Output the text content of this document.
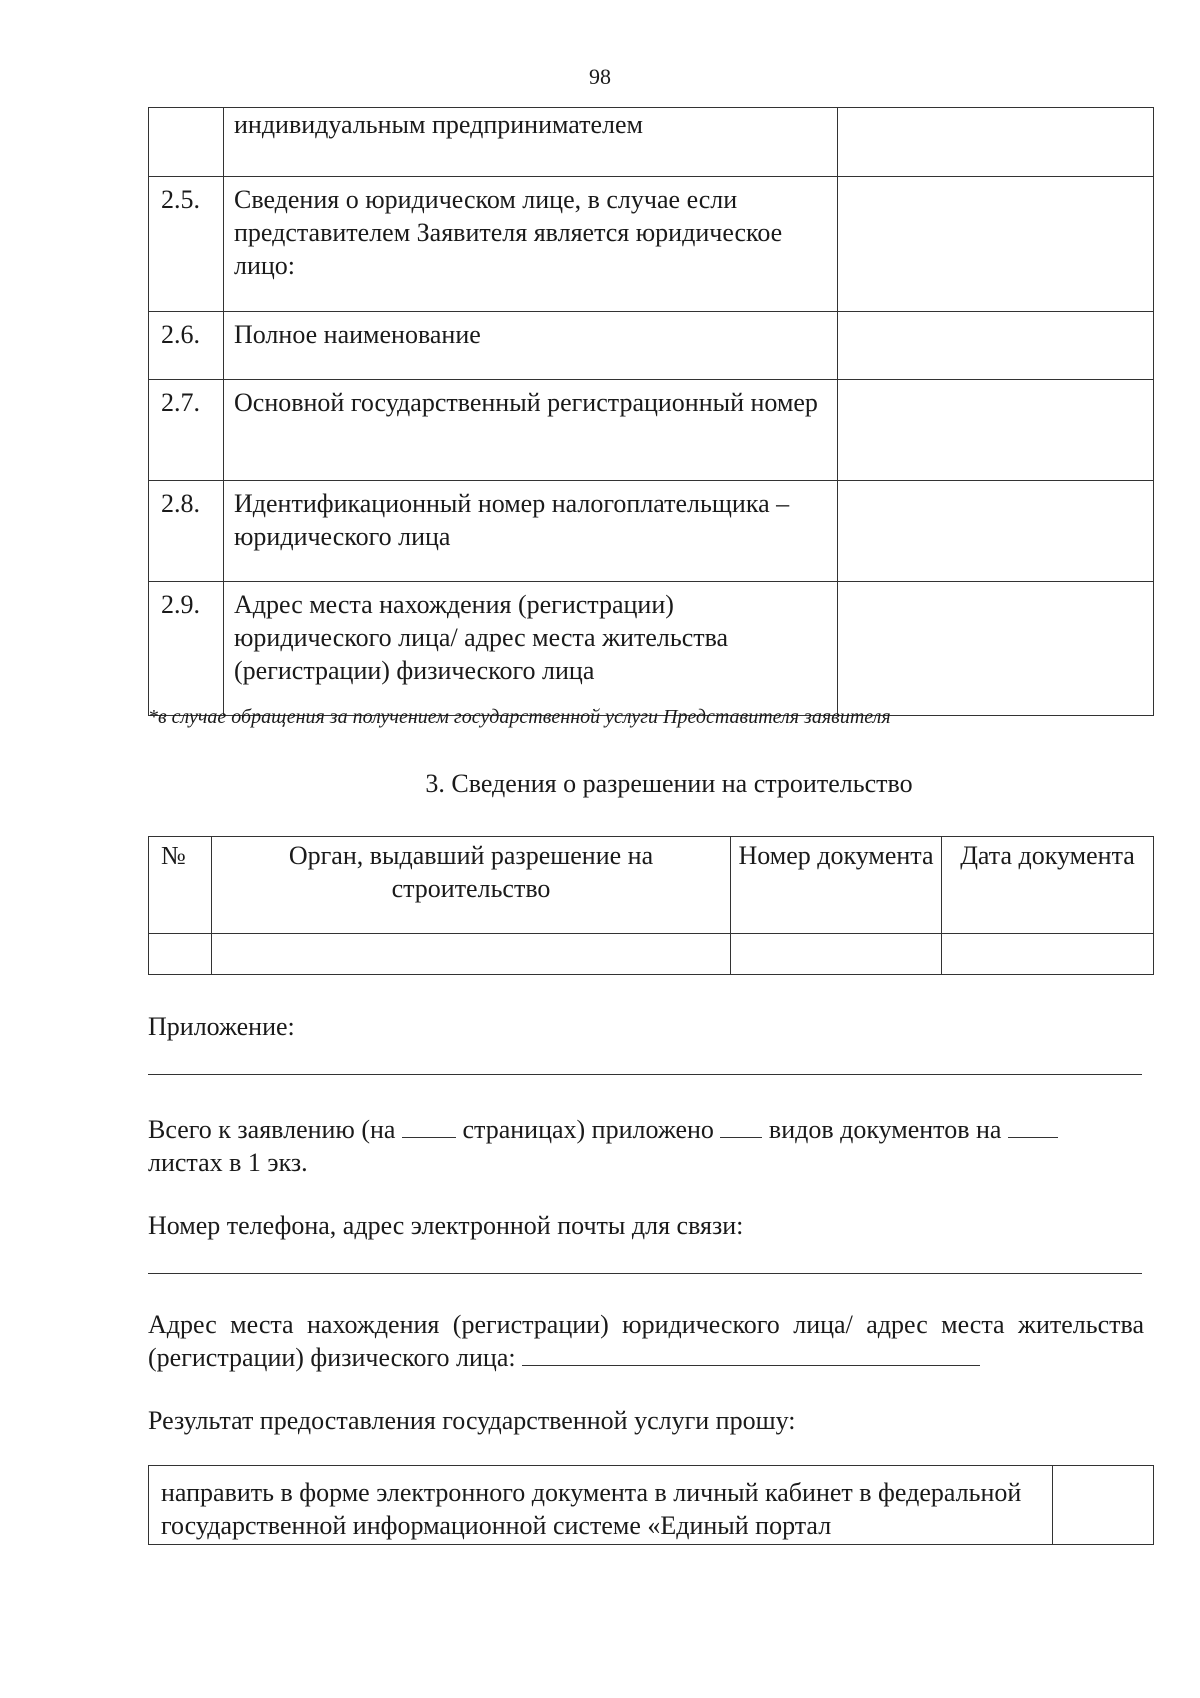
98
	индивидуальным предпринимателем	
2.5.	Сведения о юридическом лице, в случае если представителем Заявителя является юридическое лицо:	
2.6.	Полное наименование	
2.7.	Основной государственный регистрационный номер	
2.8.	Идентификационный номер налогоплательщика – юридического лица	
2.9.	Адрес места нахождения (регистрации) юридического лица/ адрес места жительства (регистрации) физического лица	
*в случае обращения за получением государственной услуги Представителя заявителя
3. Сведения о разрешении на строительство
№	Орган, выдавший разрешение на строительство	Номер документа	Дата документа

Приложение:
Всего к заявлению (на	страницах) приложено видов документов на
листах в 1 экз.
Номер телефона, адрес электронной почты для связи:
Адрес места нахождения (регистрации) юридического лица/ адрес места жительства (регистрации) физического лица:
Результат предоставления государственной услуги прошу:
направить в форме электронного документа в личный кабинет в федеральной государственной информационной системе «Единый портал	
